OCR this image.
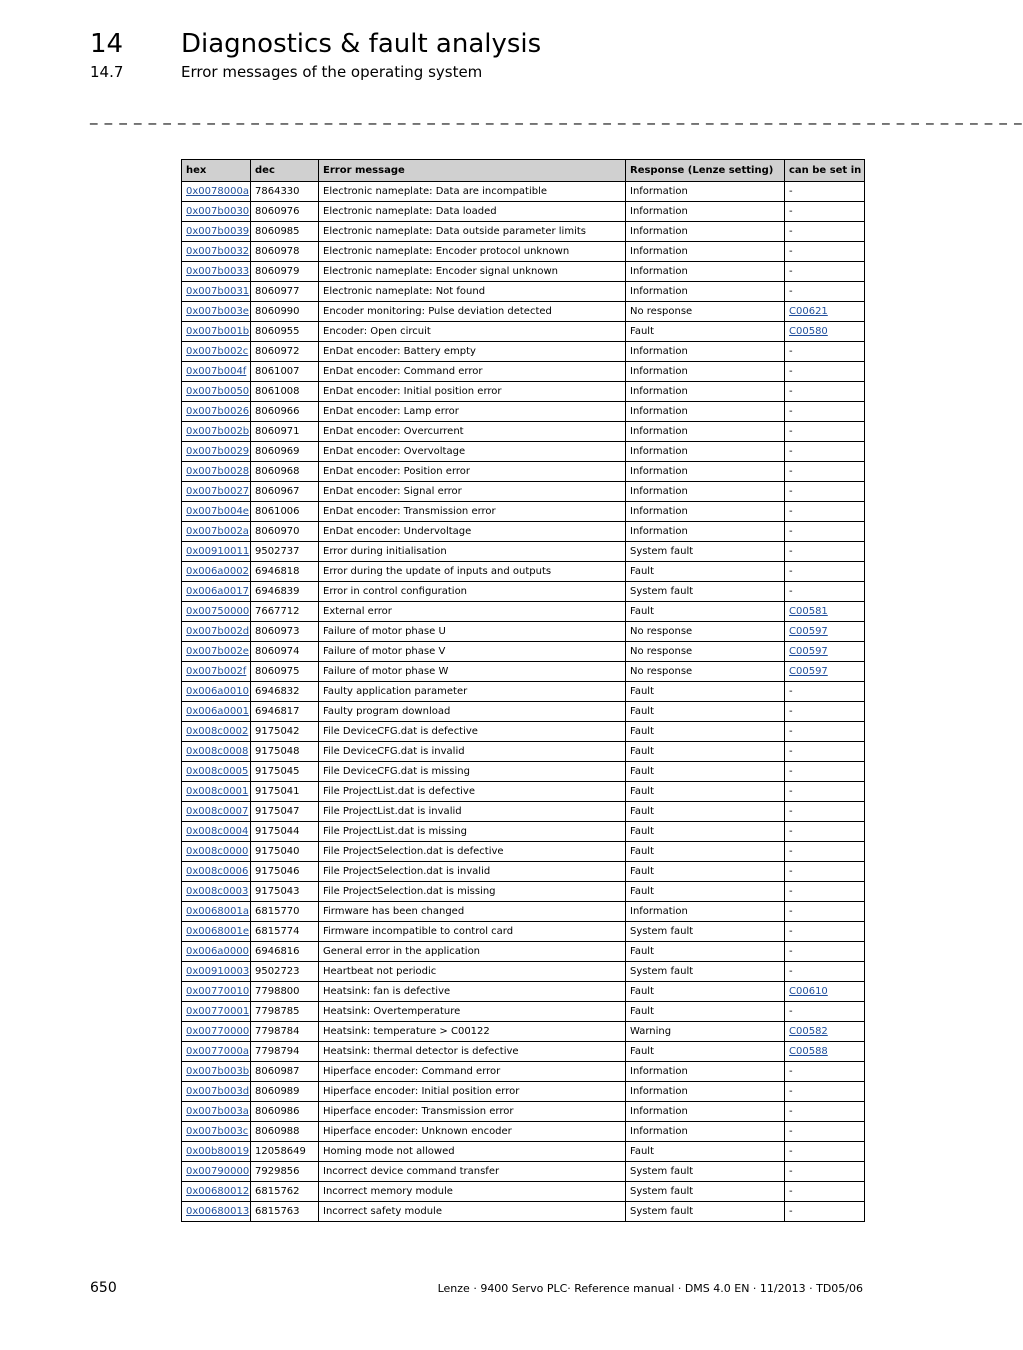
14 Diagnostics & fault analysis
14.7	Error messages of the operating system
_ _ _ _ _ _ _ _ _ _ _ _ _ _ _ _ _ _ _ _ _ _ _ _ _ _ _ _ _ _ _ _ _ _ _ _ _ _ _ _ _ _ _ _ _ _ _ _ _ _ _ _ _ _ _ _ _ _ _ _ _ _ _ _
hex	dec	Error message	Response (Lenze setting)	can be set in
0x0078000a	7864330	Electronic nameplate: Data are incompatible	Information	-
0x007b0030	8060976	Electronic nameplate: Data loaded	Information	-
0x007b0039	8060985	Electronic nameplate: Data outside parameter limits	Information	-
0x007b0032	8060978	Electronic nameplate: Encoder protocol unknown	Information	-
0x007b0033	8060979	Electronic nameplate: Encoder signal unknown	Information	-
0x007b0031	8060977	Electronic nameplate: Not found	Information	-
0x007b003e	8060990	Encoder monitoring: Pulse deviation detected	No response	C00621
0x007b001b	8060955	Encoder: Open circuit	Fault	C00580
0x007b002c	8060972	EnDat encoder: Battery empty	Information	-
0x007b004f	8061007	EnDat encoder: Command error	Information	-
0x007b0050	8061008	EnDat encoder: Initial position error	Information	-
0x007b0026	8060966	EnDat encoder: Lamp error	Information	-
0x007b002b	8060971	EnDat encoder: Overcurrent	Information	-
0x007b0029	8060969	EnDat encoder: Overvoltage	Information	-
0x007b0028	8060968	EnDat encoder: Position error	Information	-
0x007b0027	8060967	EnDat encoder: Signal error	Information	-
0x007b004e	8061006	EnDat encoder: Transmission error	Information	-
0x007b002a	8060970	EnDat encoder: Undervoltage	Information	-
0x00910011	9502737	Error during initialisation	System fault	-
0x006a0002	6946818	Error during the update of inputs and outputs	Fault	-
0x006a0017	6946839	Error in control configuration	System fault	-
0x00750000	7667712	External error	Fault	C00581
0x007b002d	8060973	Failure of motor phase U	No response	C00597
0x007b002e	8060974	Failure of motor phase V	No response	C00597
0x007b002f	8060975	Failure of motor phase W	No response	C00597
0x006a0010	6946832	Faulty application parameter	Fault	-
0x006a0001	6946817	Faulty program download	Fault	-
0x008c0002	9175042	File DeviceCFG.dat is defective	Fault	-
0x008c0008	9175048	File DeviceCFG.dat is invalid	Fault	-
0x008c0005	9175045	File DeviceCFG.dat is missing	Fault	-
0x008c0001	9175041	File ProjectList.dat is defective	Fault	-
0x008c0007	9175047	File ProjectList.dat is invalid	Fault	-
0x008c0004	9175044	File ProjectList.dat is missing	Fault	-
0x008c0000	9175040	File ProjectSelection.dat is defective	Fault	-
0x008c0006	9175046	File ProjectSelection.dat is invalid	Fault	-
0x008c0003	9175043	File ProjectSelection.dat is missing	Fault	-
0x0068001a	6815770	Firmware has been changed	Information	-
0x0068001e	6815774	Firmware incompatible to control card	System fault	-
0x006a0000	6946816	General error in the application	Fault	-
0x00910003	9502723	Heartbeat not periodic	System fault	-
0x00770010	7798800	Heatsink: fan is defective	Fault	C00610
0x00770001	7798785	Heatsink: Overtemperature	Fault	-
0x00770000	7798784	Heatsink: temperature > C00122	Warning	C00582
0x0077000a	7798794	Heatsink: thermal detector is defective	Fault	C00588
0x007b003b	8060987	Hiperface encoder: Command error	Information	-
0x007b003d	8060989	Hiperface encoder: Initial position error	Information	-
0x007b003a	8060986	Hiperface encoder: Transmission error	Information	-
0x007b003c	8060988	Hiperface encoder: Unknown encoder	Information	-
0x00b80019	12058649	Homing mode not allowed	Fault	-
0x00790000	7929856	Incorrect device command transfer	System fault	-
0x00680012	6815762	Incorrect memory module	System fault	-
0x00680013	6815763	Incorrect safety module	System fault	-
650	Lenze · 9400 Servo PLC· Reference manual · DMS 4.0 EN · 11/2013 · TD05/06
